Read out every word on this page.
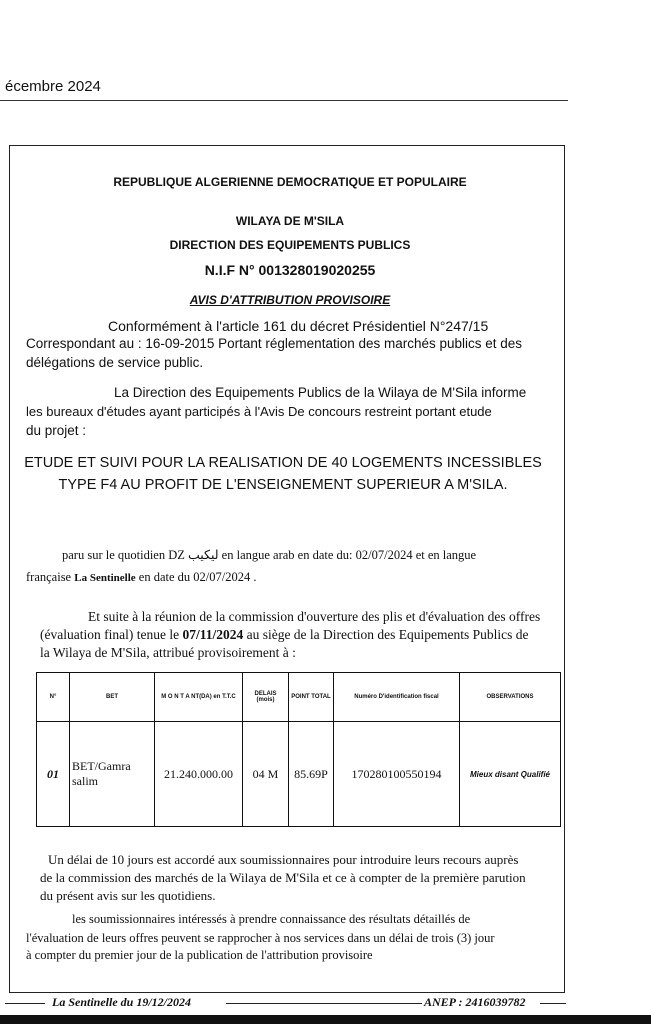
écembre 2024
REPUBLIQUE ALGERIENNE DEMOCRATIQUE ET POPULAIRE
WILAYA DE M'SILA
DIRECTION DES EQUIPEMENTS PUBLICS
N.I.F N° 001328019020255
AVIS D'ATTRIBUTION PROVISOIRE
Conformément à l'article 161 du décret Présidentiel N°247/15
Correspondant au : 16-09-2015 Portant réglementation des marchés publics et des
délégations de service public.
La Direction des Equipements Publics de la Wilaya de M'Sila informe
les bureaux d'études ayant participés à l'Avis De concours restreint portant etude
du projet :
ETUDE ET SUIVI POUR LA REALISATION DE 40 LOGEMENTS INCESSIBLES
TYPE F4 AU PROFIT DE L'ENSEIGNEMENT SUPERIEUR A M'SILA.
paru sur le quotidien DZ ليكيب en langue arab en date du: 02/07/2024 et en langue
française La Sentinelle en date du 02/07/2024 .
Et suite à la réunion de la commission d'ouverture des plis et d'évaluation des offres
(évaluation final) tenue le 07/11/2024 au siège de la Direction des Equipements Publics de
la Wilaya de M'Sila, attribué provisoirement à :
N°	BET	M O N T A NT(DA) en T.T.C	DELAIS (mois)	POINT TOTAL	Numéro D'identification fiscal	OBSERVATIONS
01	BET/Gamra salim	21.240.000.00	04 M	85.69P	170280100550194	Mieux disant Qualifié
Un délai de 10 jours est accordé aux soumissionnaires pour introduire leurs recours auprès
de la commission des marchés de la Wilaya de M'Sila et ce à compter de la première parution
du présent avis sur les quotidiens.
les soumissionnaires intéressés à prendre connaissance des résultats détaillés de
l'évaluation de leurs offres peuvent se rapprocher à nos services dans un délai de trois (3) jour
à compter du premier jour de la publication de l'attribution provisoire
La Sentinelle du 19/12/2024	ANEP : 2416039782
